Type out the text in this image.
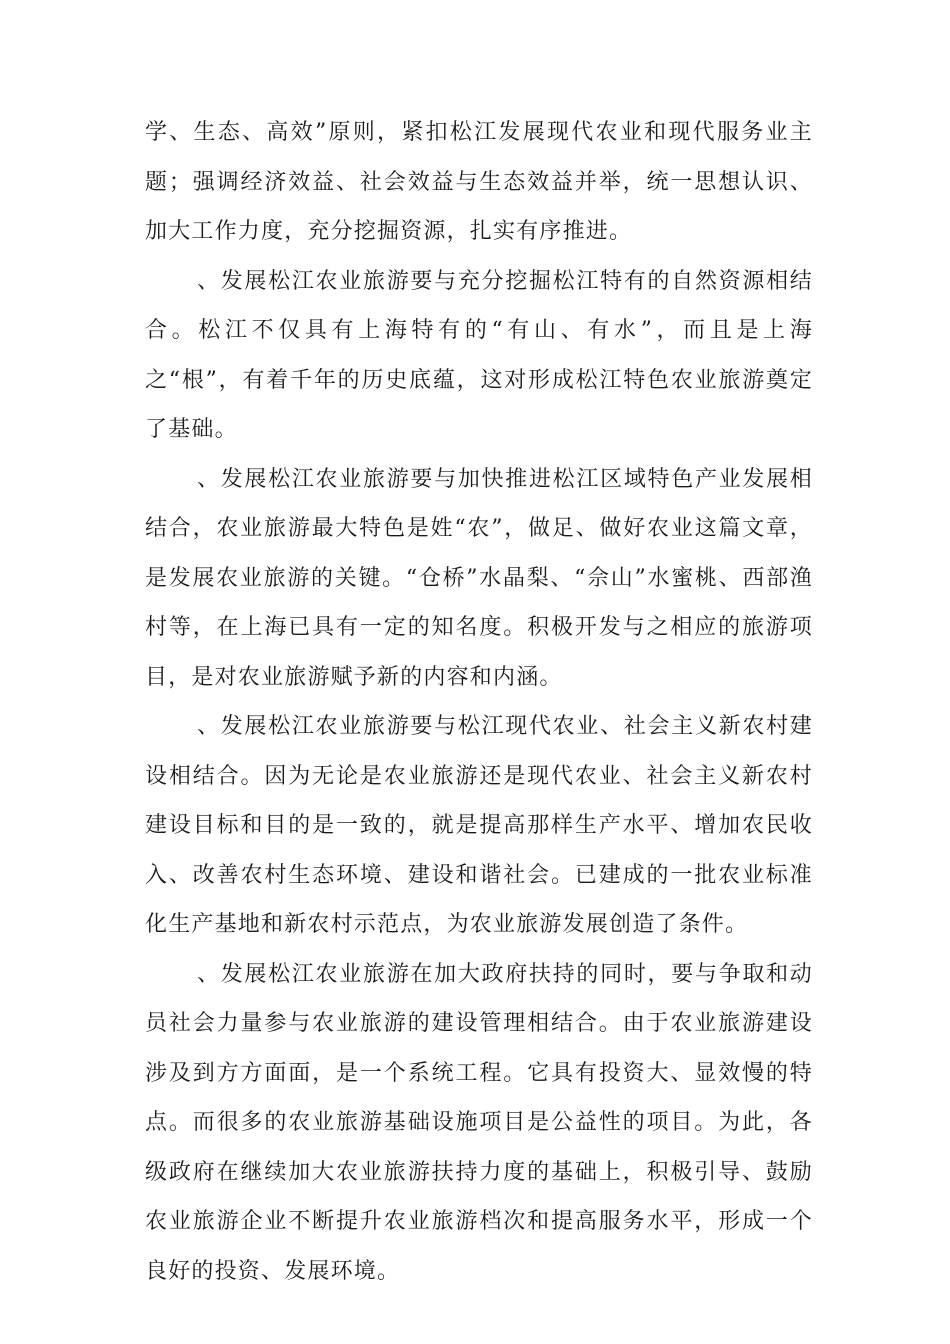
学、生态、高效”原则，紧扣松江发展现代农业和现代服务业主题；强调经济效益、社会效益与生态效益并举，统一思想认识、加大工作力度，充分挖掘资源，扎实有序推进。

、发展松江农业旅游要与充分挖掘松江特有的自然资源相结合。松江不仅具有上海特有的“有山、有水”，而且是上海之“根”，有着千年的历史底蕴，这对形成松江特色农业旅游奠定了基础。

、发展松江农业旅游要与加快推进松江区域特色产业发展相结合，农业旅游最大特色是姓“农”，做足、做好农业这篇文章，是发展农业旅游的关键。“仓桥”水晶梨、“佘山”水蜜桃、西部渔村等，在上海已具有一定的知名度。积极开发与之相应的旅游项目，是对农业旅游赋予新的内容和内涵。

、发展松江农业旅游要与松江现代农业、社会主义新农村建设相结合。因为无论是农业旅游还是现代农业、社会主义新农村建设目标和目的是一致的，就是提高那样生产水平、增加农民收入、改善农村生态环境、建设和谐社会。已建成的一批农业标准化生产基地和新农村示范点，为农业旅游发展创造了条件。

、发展松江农业旅游在加大政府扶持的同时，要与争取和动员社会力量参与农业旅游的建设管理相结合。由于农业旅游建设涉及到方方面面，是一个系统工程。它具有投资大、显效慢的特点。而很多的农业旅游基础设施项目是公益性的项目。为此，各级政府在继续加大农业旅游扶持力度的基础上，积极引导、鼓励农业旅游企业不断提升农业旅游档次和提高服务水平，形成一个良好的投资、发展环境。
